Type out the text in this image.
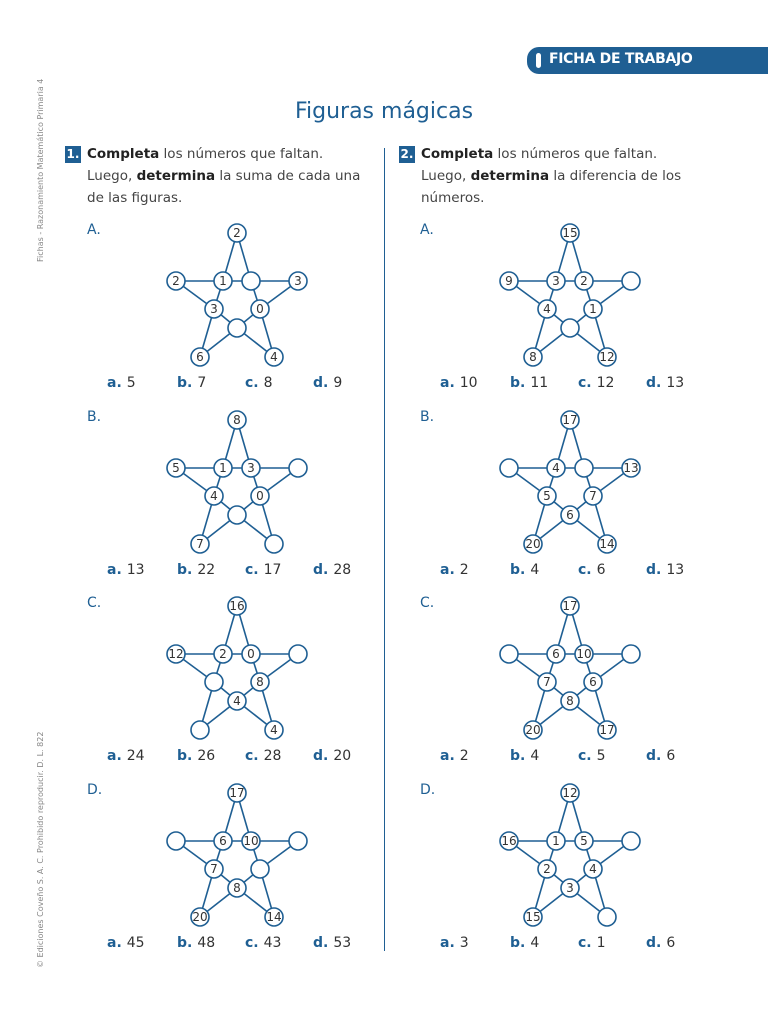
FICHA DE TRABAJO
Fichas - Razonamiento Matemático Primaria 4
© Ediciones Coveño S. A. C. Prohibido reproducir. D. L. 822
Figuras mágicas
1. Completa los números que faltan. Luego, determina la suma de cada una de las figuras.
A.	2
2	1	3
3	0
6	4
a. 5	b. 7	c. 8	d. 9
B.	8
5	1 3
4	0
7
a. 13 b. 22 c. 17 d. 28
C.	16
12	2 0
8
4
4
a. 24 b. 26 c. 28 d. 20
D.	17
6 10
7
8
20	14
a. 45 b. 48 c. 43 d. 53
2. Completa los números que faltan. Luego, determina la diferencia de los números.
A.	15
9	3 2
4	1
8	12
a. 10 b. 11 c. 12 d. 13
B.	17
4	13
5	7
6
20	14
a. 2	b. 4	c. 6	d. 13
C.	17
6 10
7	6
8
20	17
a. 2	b. 4	c. 5	d. 6
D.	12
16	1 5
2	4
3
15
a. 3	b. 4	c. 1	d. 6
